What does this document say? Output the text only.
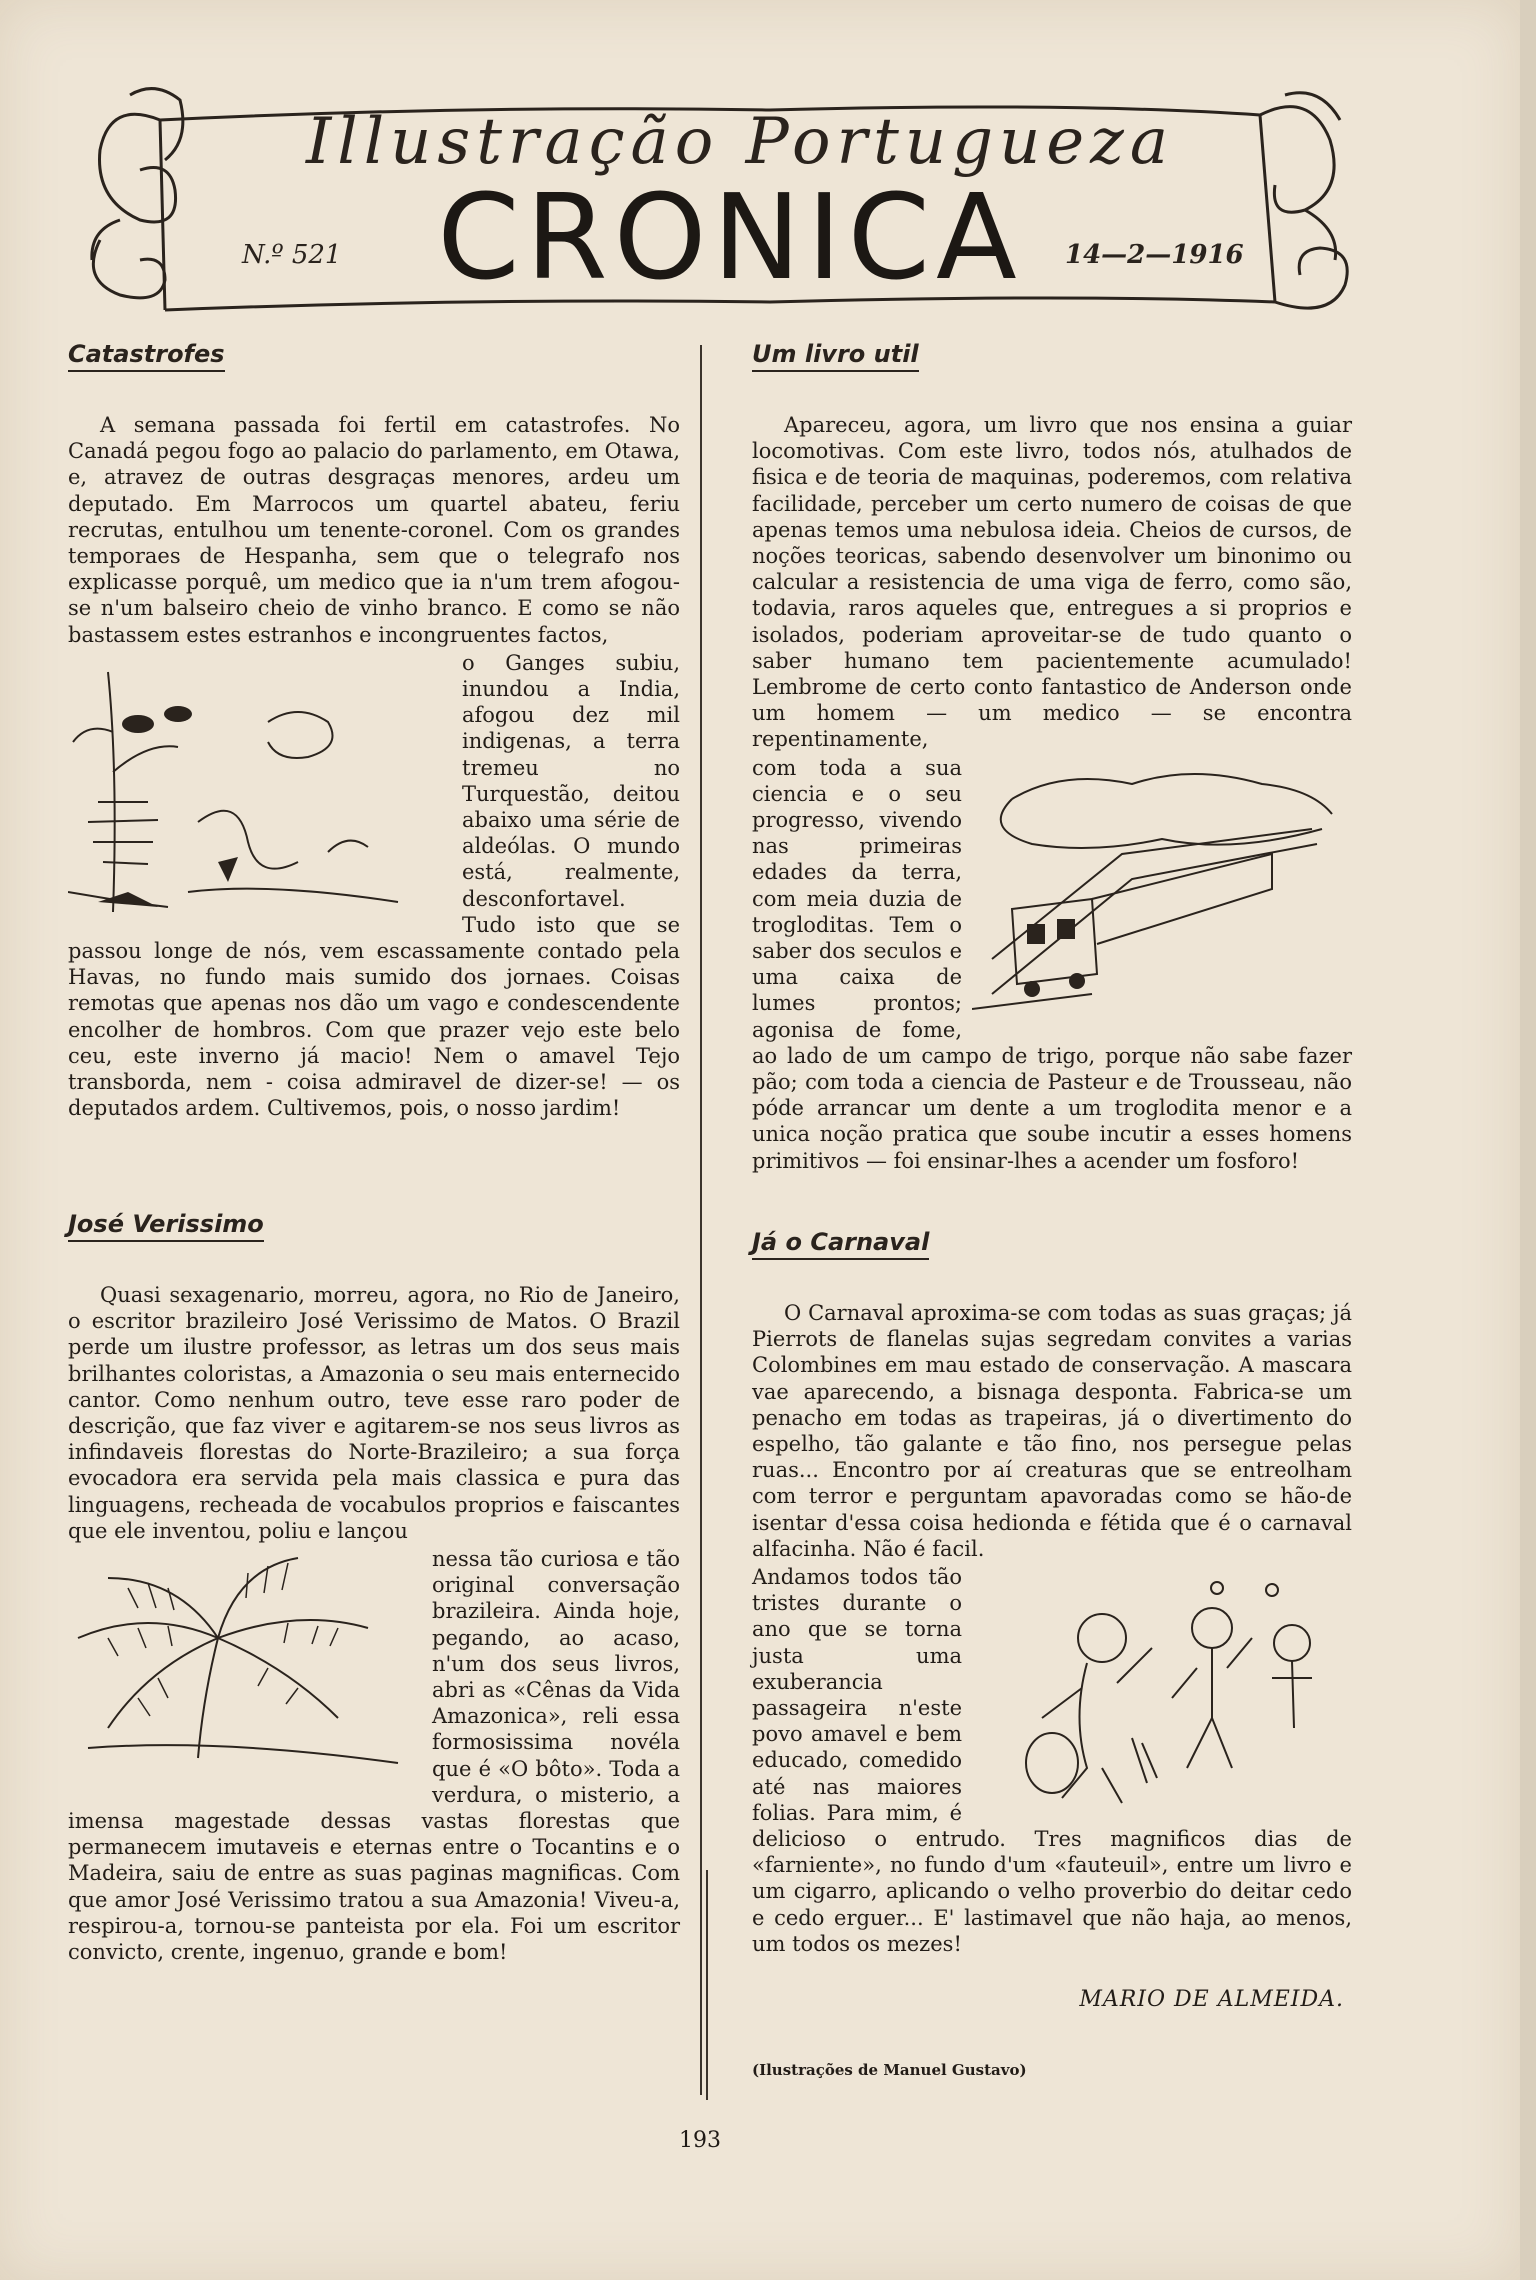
Illustração Portugueza
CRONICA
N.º 521	14—2—1916
Catastrofes

A semana passada foi fertil em catastrofes. No Canadá pegou fogo ao palacio do parlamento, em Otawa, e, atravez de outras desgraças menores, ardeu um deputado. Em Marrocos um quartel abateu, feriu recrutas, entulhou um tenente-coronel. Com os grandes temporaes de Hespanha, sem que o telegrafo nos explicasse porquê, um medico que ia n'um trem afogou-se n'um balseiro cheio de vinho branco. E como se não bastassem estes estranhos e incongruentes factos,

o Ganges subiu, inundou a India, afogou dez mil indigenas, a terra tremeu no Turquestão, deitou abaixo uma série de aldeólas. O mundo está, realmente, desconfortavel. Tudo isto que se passou longe de nós, vem escassamente contado pela Havas, no fundo mais sumido dos jornaes. Coisas remotas que apenas nos dão um vago e condescendente encolher de hombros. Com que prazer vejo este belo ceu, este inverno já macio! Nem o amavel Tejo transborda, nem - coisa admiravel de dizer-se! — os deputados ardem. Cultivemos, pois, o nosso jardim!

José Verissimo

Quasi sexagenario, morreu, agora, no Rio de Janeiro, o escritor brazileiro José Verissimo de Matos. O Brazil perde um ilustre professor, as letras um dos seus mais brilhantes coloristas, a Amazonia o seu mais enternecido cantor. Como nenhum outro, teve esse raro poder de descrição, que faz viver e agitarem-se nos seus livros as infindaveis florestas do Norte-Brazileiro; a sua força evocadora era servida pela mais classica e pura das linguagens, recheada de vocabulos proprios e faiscantes que ele inventou, poliu e lançou

nessa tão curiosa e tão original conversação brazileira. Ainda hoje, pegando, ao acaso, n'um dos seus livros, abri as «Cênas da Vida Amazonica», reli essa formosissima novéla que é «O bôto». Toda a verdura, o misterio, a imensa magestade dessas vastas florestas que permanecem imutaveis e eternas entre o Tocantins e o Madeira, saiu de entre as suas paginas magnificas. Com que amor José Verissimo tratou a sua Amazonia! Viveu-a, respirou-a, tornou-se panteista por ela. Foi um escritor convicto, crente, ingenuo, grande e bom!

Um livro util

Apareceu, agora, um livro que nos ensina a guiar locomotivas. Com este livro, todos nós, atulhados de fisica e de teoria de maquinas, poderemos, com relativa facilidade, perceber um certo numero de coisas de que apenas temos uma nebulosa ideia. Cheios de cursos, de noções teoricas, sabendo desenvolver um binonimo ou calcular a resistencia de uma viga de ferro, como são, todavia, raros aqueles que, entregues a si proprios e isolados, poderiam aproveitar-se de tudo quanto o saber humano tem pacientemente acumulado! Lembrome de certo conto fantastico de Anderson onde um homem — um medico — se encontra repentinamente,

com toda a sua ciencia e o seu progresso, vivendo nas primeiras edades da terra, com meia duzia de trogloditas. Tem o saber dos seculos e uma caixa de lumes prontos; agonisa de fome, ao lado de um campo de trigo, porque não sabe fazer pão; com toda a ciencia de Pasteur e de Trousseau, não póde arrancar um dente a um troglodita menor e a unica noção pratica que soube incutir a esses homens primitivos — foi ensinar-lhes a acender um fosforo!

Já o Carnaval

O Carnaval aproxima-se com todas as suas graças; já Pierrots de flanelas sujas segredam convites a varias Colombines em mau estado de conservação. A mascara vae aparecendo, a bisnaga desponta. Fabrica-se um penacho em todas as trapeiras, já o divertimento do espelho, tão galante e tão fino, nos persegue pelas ruas... Encontro por aí creaturas que se entreolham com terror e perguntam apavoradas como se hão-de isentar d'essa coisa hedionda e fétida que é o carnaval alfacinha. Não é facil.

Andamos todos tão tristes durante o ano que se torna justa uma exuberancia passageira n'este povo amavel e bem educado, comedido até nas maiores folias. Para mim, é delicioso o entrudo. Tres magnificos dias de «farniente», no fundo d'um «fauteuil», entre um livro e um cigarro, aplicando o velho proverbio do deitar cedo e cedo erguer... E' lastimavel que não haja, ao menos, um todos os mezes!

MARIO DE ALMEIDA.
(Ilustrações de Manuel Gustavo)
193
